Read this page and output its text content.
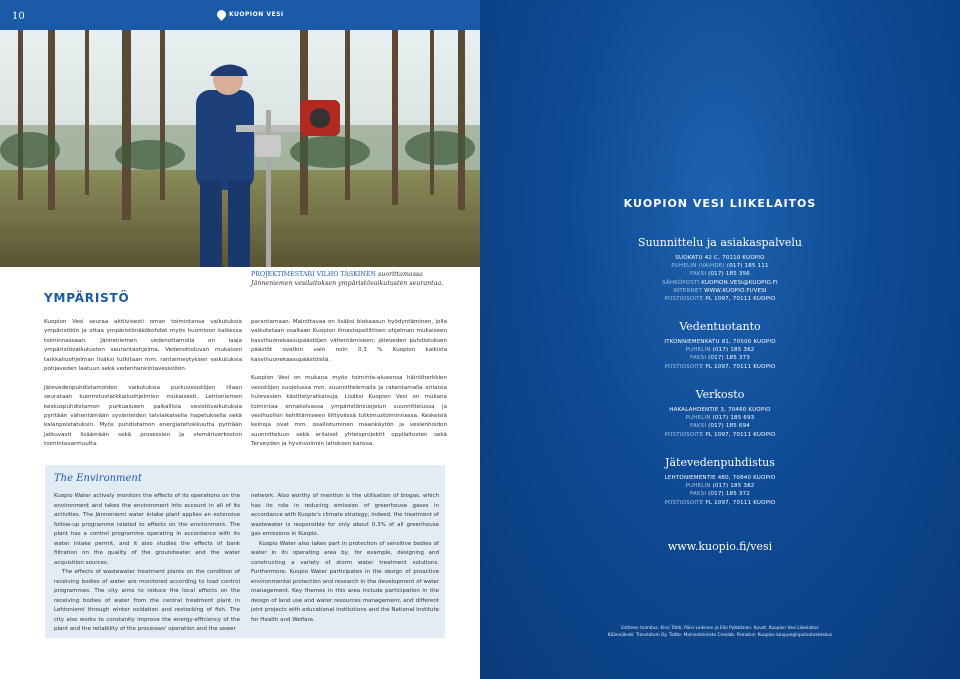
10	KUOPION VESI
YMPÄRISTÖ
PROJEKTIMESTARI VILHO TASKINEN suorittamassa Jänneniemen vesilaitoksen ympäristövaikutusten seurantaa.

Kuopion Vesi seuraa aktiivisesti oman toimintansa vaikutuksia ympäristöön ja ottaa ympäristönäkökohdat myös huomioon kaikessa toiminnassaan. Jänneniemen vedenottamolla on laaja ympäristövaikutusten seurantaohjelma. Vedenottoluvan mukaisen tarkkailuohjelman lisäksi tutkitaan mm. rantaimeytyksen vaikutuksia pohjaveden laatuun sekä vedenhankintavesistöön.

Jätevedenpuhdistamoiden vaikutuksia purkuvesistöjen tilaan seurataan kuormitustarkkailuohjelmien mukaisesti. Lehtoniemen keskuspuhdistamon purkualueen paikallisia vesistövaikutuksia pyritään vähentämään syvänteiden talviaikaisella hapetuksella sekä kalanpoistatuksin. Myös puhdistamon energiatehokkuutta pyritään jatkuvasti lisäämään sekä prosessien ja viemäriverkoston toimintavarmuutta

parantamaan. Mainittavaa on lisäksi biokaasun hyödyntäminen, jolla vaikutetaan osaltaan Kuopion ilmastopoliittisen ohjelman mukaiseen kasvihuonekaasupäästöjen vähentämiseen; jäteveden puhdistuksen päästöt ovatkin vain noin 0,3 % Kuopion kaikista kasvihuonekaasupäästöistä.

Kuopion Vesi on mukana myös toiminta-alueensa häiriöherkkien vesistöjen suojelussa mm. suunnittelemalla ja rakentamalla erilaisia hulevesien käsittelyratkaisuja. Lisäksi Kuopion Vesi on mukana toimintaa ennakoivassa ympäristönsuojelun suunnittelussa ja vesihuollon kehittämiseen liittyvässä tutkimustoiminnassa. Keskeisiä keinoja ovat mm. osallistuminen maankäytön ja vesienhoidon suunnitteluun sekä erilaiset yhteisprojektit oppilaitosten sekä Terveyden ja hyvinvoinnin laitoksen kanssa.

The Environment

Kuopio Water actively monitors the effects of its operations on the environment and takes the environment into account in all of its activities. The Jänneniemi water intake plant applies an extensive follow-up programme related to effects on the environment. The plant has a control programme operating in accordance with its water intake permit, and it also studies the effects of bank filtration on the quality of the groundwater and the water acquisition sources.

The effects of wastewater treatment plants on the condition of receiving bodies of water are monitored according to load control programmes. The city aims to reduce the local effects on the receiving bodies of water from the central treatment plant in Lehtoniemi through winter oxidation and restocking of fish. The city also works to constantly improve the energy-efficiency of the plant and the reliability of the processes' operation and the sewer

network. Also worthy of mention is the utilisation of biogas, which has its role in reducing emission of greenhouse gases in accordance with Kuopio's climate strategy; indeed, the treatment of wastewater is responsible for only about 0.3% of all greenhouse gas emissions in Kuopio.

Kuopio Water also takes part in protection of sensitive bodies of water in its operating area by, for example, designing and constructing a variety of storm water treatment solutions. Furthermore, Kuopio Water participates in the design of proactive environmental protection and research in the development of water management. Key themes in this area include participation in the design of land use and water resources management, and different joint projects with educational institutions and the National Institute for Health and Welfare.

KUOPION VESI LIIKELAITOS
Suunnittelu ja asiakaspalvelu
SUOKATU 42 C, 70110 KUOPIO
PUHELIN (VAIHDE) (017) 185 111
FAKSI (017) 185 356
SÄHKÖPOSTI KUOPION.VESI@KUOPIO.FI
INTERNET WWW.KUOPIO.FI/VESI
POSTIOSOITE PL 1097, 70111 KUOPIO
Vedentuotanto
ITKONNIEMENKATU 81, 70500 KUOPIO
PUHELIN (017) 185 362
FAKSI (017) 185 373
POSTIOSOITE PL 1097, 70111 KUOPIO
Verkosto
HAKALAHDENTIE 3, 70460 KUOPIO
PUHELIN (017) 185 693
FAKSI (017) 185 694
POSTIOSOITE PL 1097, 70111 KUOPIO
Jätevedenpuhdistus
LEHTONIEMENTIE 480, 70840 KUOPIO
PUHELIN (017) 185 382
FAKSI (017) 185 372
POSTIOSOITE PL 1097, 70111 KUOPIO
www.kuopio.fi/vesi
Esitteen toimitus: Kirsi Tähti, Päivi Leikinen ja Ella Pylkkänen. Kuvat: Kuopion Vesi Liikelaitos
Käännökset: Translatum Oy. Taitto: Mainostoimisto Creolab. Painatus: Kuopion kaupunginpainatuskeskus
